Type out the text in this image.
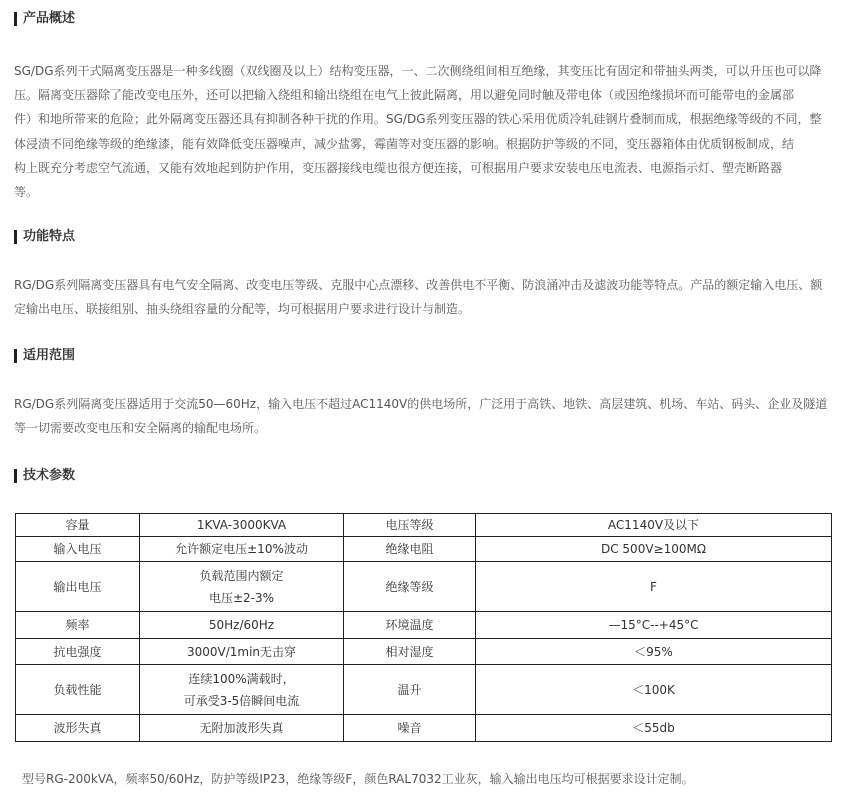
产品概述

SG/DG系列干式隔离变压器是一种多线圈（双线圈及以上）结构变压器，一、二次侧绕组间相互绝缘，其变压比有固定和带抽头两类，可以升压也可以降
压。隔离变压器除了能改变电压外，还可以把输入绕组和输出绕组在电气上彼此隔离，用以避免同时触及带电体（或因绝缘损坏而可能带电的金属部
件）和地所带来的危险；此外隔离变压器还具有抑制各种干扰的作用。SG/DG系列变压器的铁心采用优质冷轧硅钢片叠制而成，根据绝缘等级的不同，整
体浸渍不同绝缘等级的绝缘漆，能有效降低变压器噪声，减少盐雾，霉菌等对变压器的影响。根据防护等级的不同，变压器箱体由优质钢板制成，结
构上既充分考虑空气流通，又能有效地起到防护作用，变压器接线电缆也很方便连接，可根据用户要求安装电压电流表、电源指示灯、塑壳断路器
等。

功能特点

RG/DG系列隔离变压器具有电气安全隔离、改变电压等级、克服中心点漂移、改善供电不平衡、防浪涌冲击及滤波功能等特点。产品的额定输入电压、额
定输出电压、联接组别、抽头绕组容量的分配等，均可根据用户要求进行设计与制造。

适用范围

RG/DG系列隔离变压器适用于交流50—60Hz，输入电压不超过AC1140V的供电场所，广泛用于高铁、地铁、高层建筑、机场、车站、码头、企业及隧道
等一切需要改变电压和安全隔离的输配电场所。

技术参数
容量	1KVA-3000KVA	电压等级	AC1140V及以下
输入电压	允许额定电压±10%波动	绝缘电阻	DC 500V≥100MΩ
输出电压	负载范围内额定
电压±2-3%	绝缘等级	F
频率	50Hz/60Hz	环境温度	—15°C--+45°C
抗电强度	3000V/1min无击穿	相对湿度	＜95%
负载性能	连续100%满载时，
可承受3-5倍瞬间电流	温升	＜100K
波形失真	无附加波形失真	噪音	＜55db

型号RG-200kVA，频率50/60Hz，防护等级IP23，绝缘等级F，颜色RAL7032工业灰，输入输出电压均可根据要求设计定制。
